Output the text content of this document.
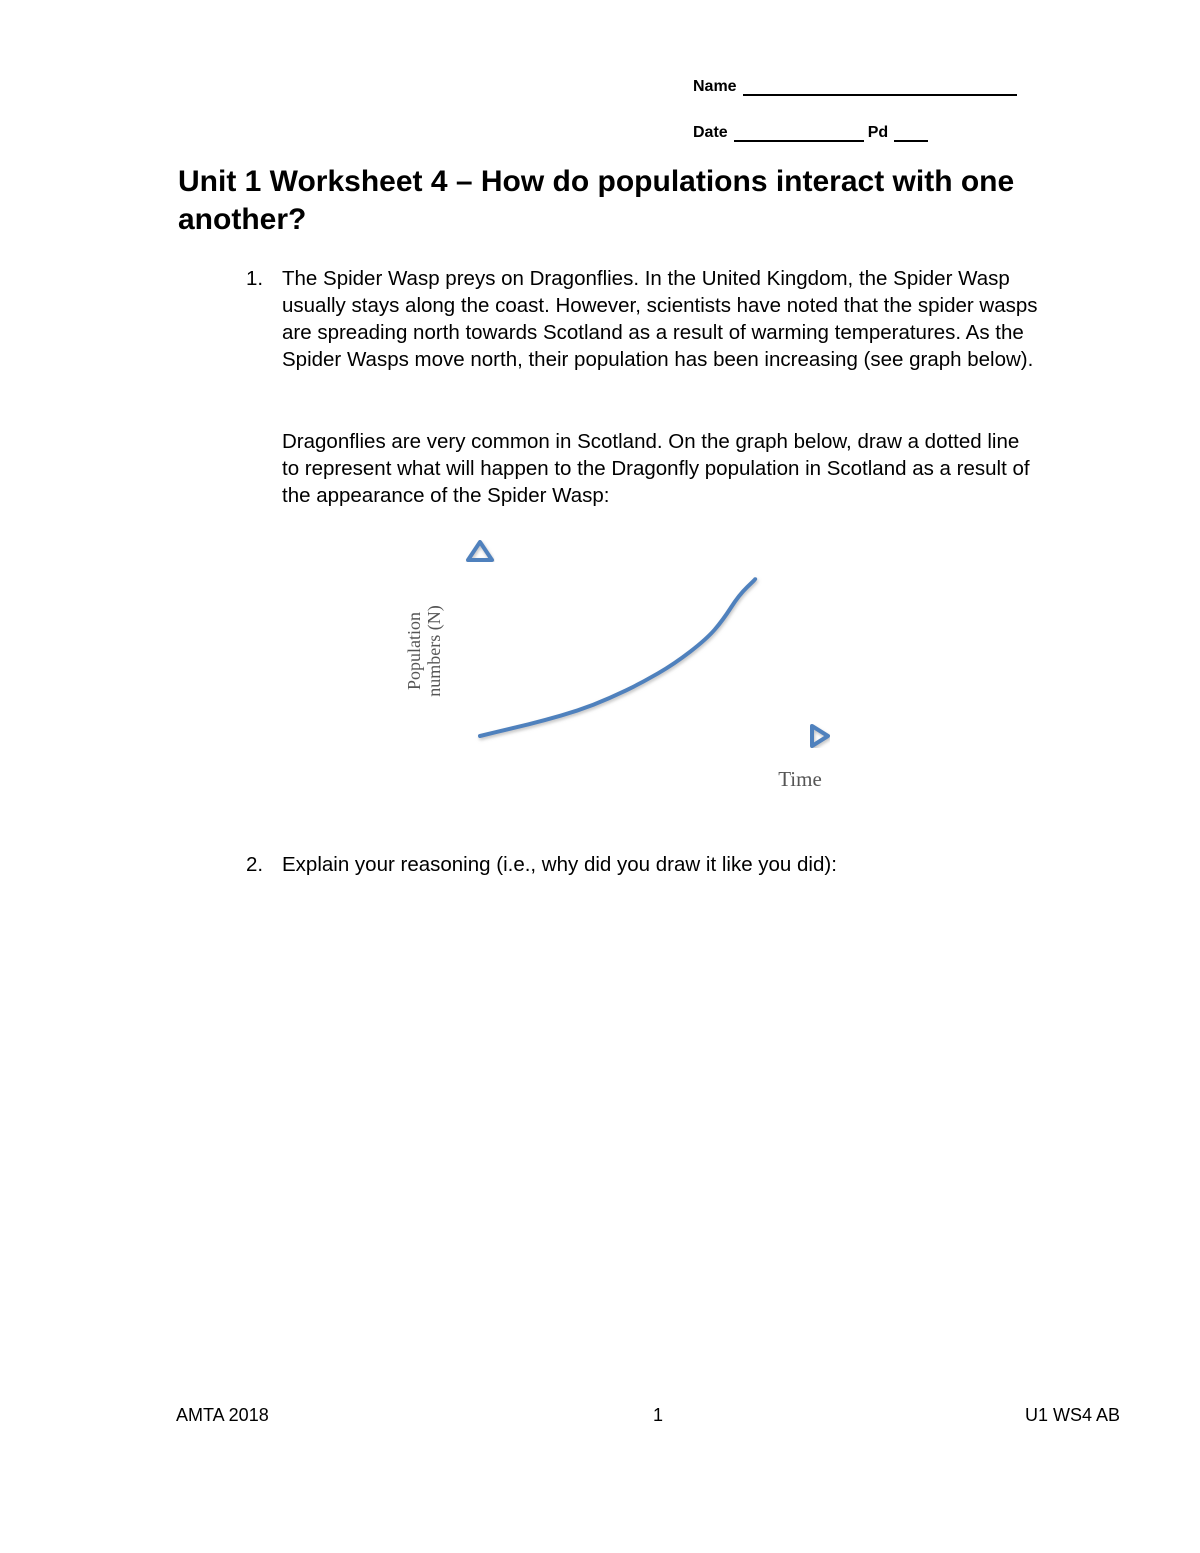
Name
Date	Pd
Unit 1 Worksheet 4 – How do populations interact with one another?
1. The Spider Wasp preys on Dragonflies. In the United Kingdom, the Spider Wasp usually stays along the coast. However, scientists have noted that the spider wasps are spreading north towards Scotland as a result of warming temperatures. As the Spider Wasps move north, their population has been increasing (see graph below).

Dragonflies are very common in Scotland. On the graph below, draw a dotted line to represent what will happen to the Dragonfly population in Scotland as a result of the appearance of the Spider Wasp:

Population numbers (N)
Time
2. Explain your reasoning (i.e., why did you draw it like you did):

AMTA 2018	1	U1 WS4 AB
